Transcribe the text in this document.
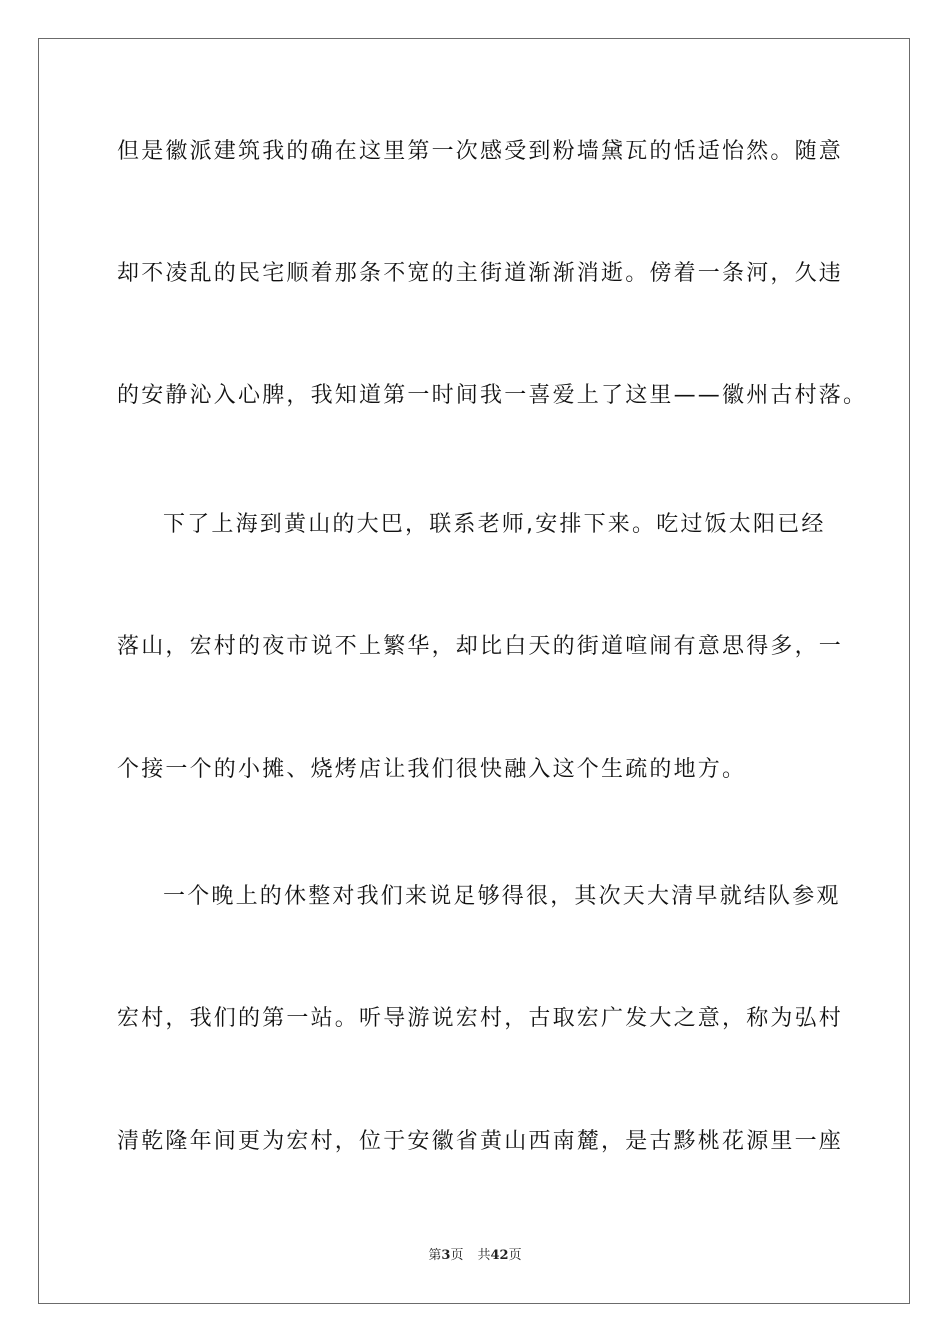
但是徽派建筑我的确在这里第一次感受到粉墙黛瓦的恬适怡然。随意
却不凌乱的民宅顺着那条不宽的主街道渐渐消逝。傍着一条河，久违
的安静沁入心脾，我知道第一时间我一喜爱上了这里——徽州古村落。
下了上海到黄山的大巴，联系老师,安排下来。吃过饭太阳已经
落山，宏村的夜市说不上繁华，却比白天的街道喧闹有意思得多，一
个接一个的小摊、烧烤店让我们很快融入这个生疏的地方。
一个晚上的休整对我们来说足够得很，其次天大清早就结队参观
宏村，我们的第一站。听导游说宏村，古取宏广发大之意，称为弘村
清乾隆年间更为宏村，位于安徽省黄山西南麓，是古黟桃花源里一座
第3页 共42页
